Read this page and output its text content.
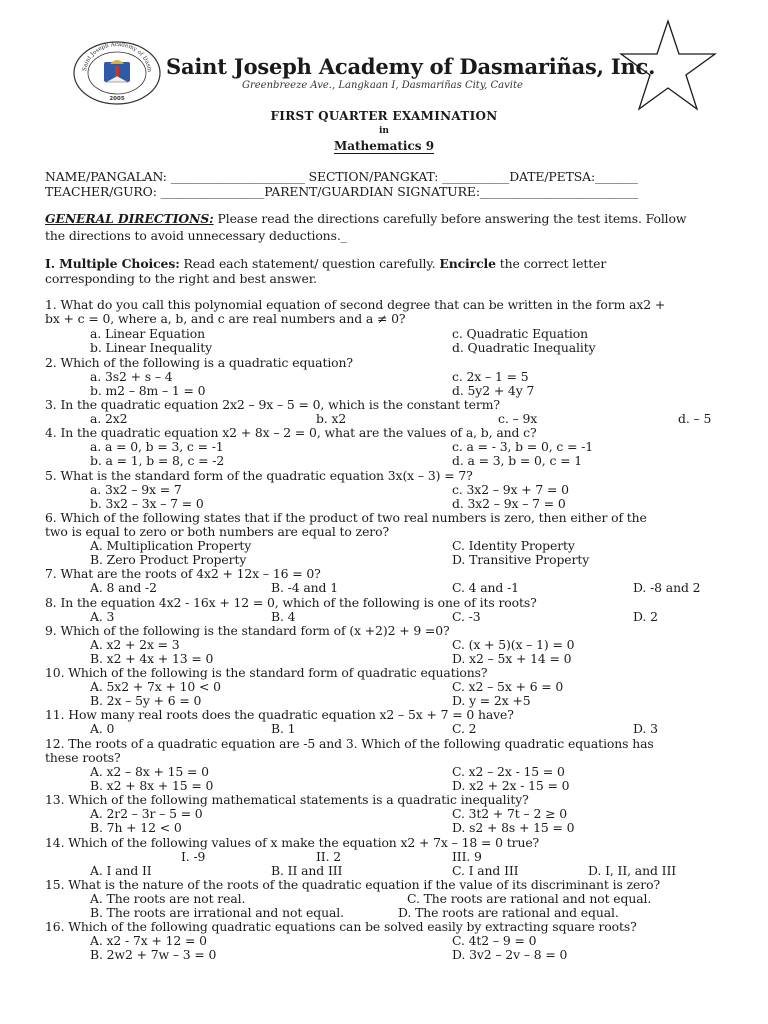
Saint Joseph Academy of Dasm
2005
Saint Joseph Academy of Dasmariñas, Inc.
Greenbreeze Ave., Langkaan I, Dasmariñas City, Cavite
FIRST QUARTER EXAMINATION
in
Mathematics 9
NAME/PANGALAN: ______________________ SECTION/PANGKAT: ___________DATE/PETSA:_______
TEACHER/GURO: _________________PARENT/GUARDIAN SIGNATURE:__________________________
GENERAL DIRECTIONS: Please read the directions carefully before answering the test items. Follow
the directions to avoid unnecessary deductions._
I. Multiple Choices: Read each statement/ question carefully. Encircle the correct letter
corresponding to the right and best answer.
1. What do you call this polynomial equation of second degree that can be written in the form ax2 +
bx + c = 0, where a, b, and c are real numbers and a ≠ 0?
2. Which of the following is a quadratic equation?
3. In the quadratic equation 2x2 – 9x – 5 = 0, which is the constant term?
4. In the quadratic equation x2 + 8x – 2 = 0, what are the values of a, b, and c?
5. What is the standard form of the quadratic equation 3x(x – 3) = 7?
6. Which of the following states that if the product of two real numbers is zero, then either of the
two is equal to zero or both numbers are equal to zero?
7. What are the roots of 4x2 + 12x – 16 = 0?
8. In the equation 4x2 - 16x + 12 = 0, which of the following is one of its roots?
9. Which of the following is the standard form of (x +2)2 + 9 =0?
10. Which of the following is the standard form of quadratic equations?
11. How many real roots does the quadratic equation x2 – 5x + 7 = 0 have?
12. The roots of a quadratic equation are -5 and 3. Which of the following quadratic equations has
these roots?
13. Which of the following mathematical statements is a quadratic inequality?
14. Which of the following values of x make the equation x2 + 7x – 18 = 0 true?
15. What is the nature of the roots of the quadratic equation if the value of its discriminant is zero?
16. Which of the following quadratic equations can be solved easily by extracting square roots?
a. Linear Equation	c. Quadratic Equation
b. Linear Inequality	d. Quadratic Inequality
a. 3s2 + s – 4	c. 2x – 1 = 5
b. m2 – 8m – 1 = 0	d. 5y2 + 4y 7
a. 2x2	b. x2	c. – 9x	d. – 5
a. a = 0, b = 3, c = -1	c. a = - 3, b = 0, c = -1
b. a = 1, b = 8, c = -2	d. a = 3, b = 0, c = 1
a. 3x2 – 9x = 7	c. 3x2 – 9x + 7 = 0
b. 3x2 – 3x – 7 = 0	d. 3x2 – 9x – 7 = 0
A. Multiplication Property	C. Identity Property
B. Zero Product Property	D. Transitive Property
A. 8 and -2	B. -4 and 1	C. 4 and -1	D. -8 and 2
A. 3	B. 4	C. -3	D. 2
A. x2 + 2x = 3	C. (x + 5)(x – 1) = 0
B. x2 + 4x + 13 = 0	D. x2 – 5x + 14 = 0
A. 5x2 + 7x + 10 < 0	C. x2 – 5x + 6 = 0
B. 2x – 5y + 6 = 0	D. y = 2x +5
A. 0	B. 1	C. 2	D. 3
A. x2 – 8x + 15 = 0	C. x2 – 2x - 15 = 0
B. x2 + 8x + 15 = 0	D. x2 + 2x - 15 = 0
A. 2r2 – 3r – 5 = 0	C. 3t2 + 7t – 2 ≥ 0
B. 7h + 12 < 0	D. s2 + 8s + 15 = 0
I. -9	II. 2	III. 9
A. I and II	B. II and III	C. I and III	D. I, II, and III
A. The roots are not real.	C. The roots are rational and not equal.
B. The roots are irrational and not equal.	D. The roots are rational and equal.
A. x2 - 7x + 12 = 0	C. 4t2 – 9 = 0
B. 2w2 + 7w – 3 = 0	D. 3v2 – 2v – 8 = 0
